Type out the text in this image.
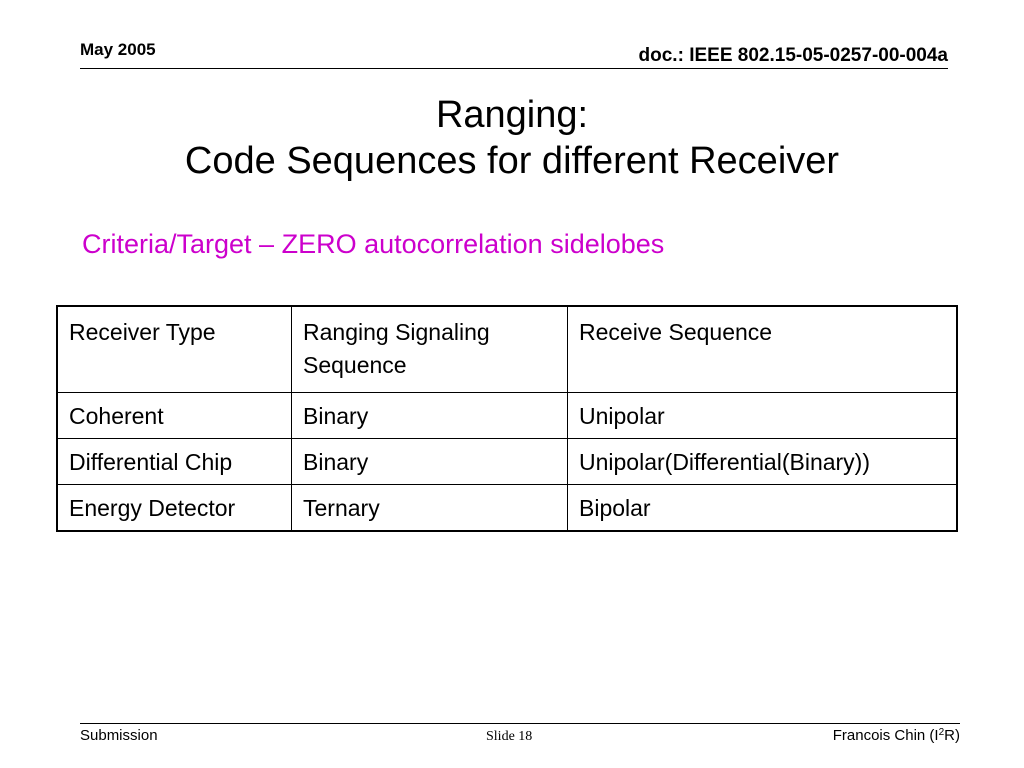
May 2005	doc.: IEEE 802.15-05-0257-00-004a
Ranging:
Code Sequences for different Receiver
Criteria/Target – ZERO autocorrelation sidelobes
Receiver Type	Ranging Signaling Sequence	Receive Sequence
Coherent	Binary	Unipolar
Differential Chip	Binary	Unipolar(Differential(Binary))
Energy Detector	Ternary	Bipolar
Submission	Slide 18	Francois Chin $(I^2R)$
